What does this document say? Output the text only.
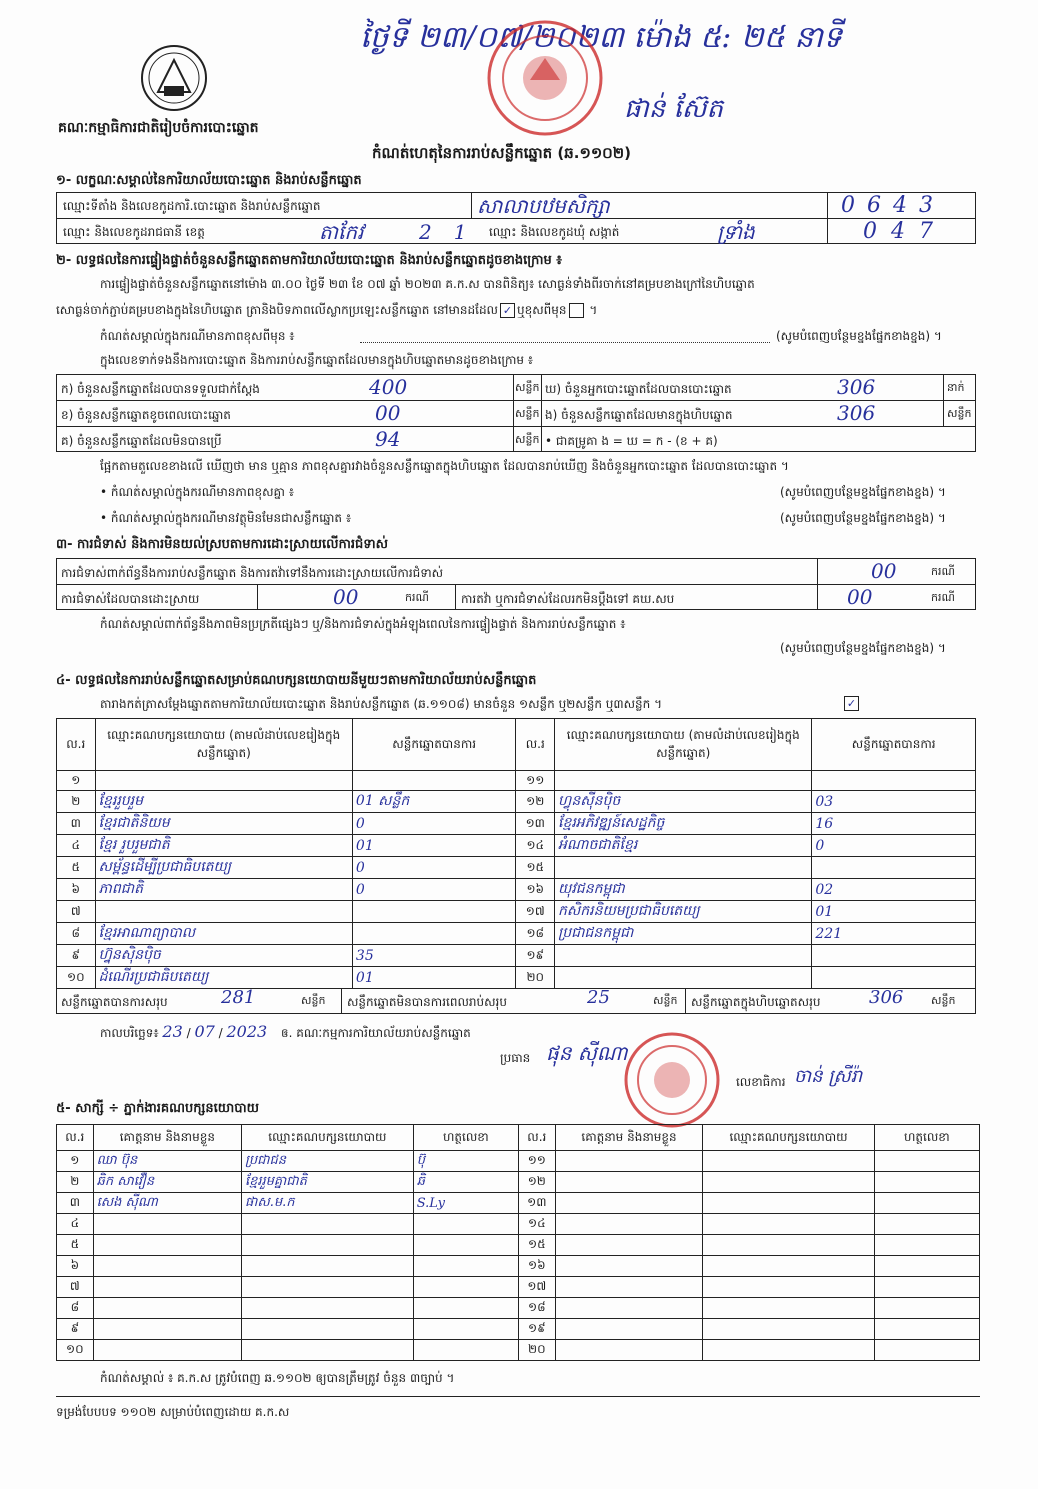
ថ្ងៃទី ២៣/០៧/២០២៣ ម៉ោង ៥: ២៥ នាទី
ផាន់ ស៊ែត
គណៈកម្មាធិការជាតិរៀបចំការបោះឆ្នោត
កំណត់ហេតុនៃការរាប់សន្លឹកឆ្នោត (ឆ.១១០២)
១- លក្ខណៈសម្គាល់នៃការិយាល័យបោះឆ្នោត និងរាប់សន្លឹកឆ្នោត
ឈ្មោះទីតាំង និងលេខកូដការិ.បោះឆ្នោត និងរាប់សន្លឹកឆ្នោត	សាលាបឋមសិក្សា	0643
ឈ្មោះ និងលេខកូដរាជធានី ខេត្ត	តាកែវ	21 ឈ្មោះ និងលេខកូដឃុំ សង្កាត់	ទ្រាំង	047
២- លទ្ធផលនៃការផ្ទៀងផ្ទាត់ចំនួនសន្លឹកឆ្នោតតាមការិយាល័យបោះឆ្នោត និងរាប់សន្លឹកឆ្នោតដូចខាងក្រោម ៖
ការផ្ទៀងផ្ទាត់ចំនួនសន្លឹកឆ្នោតនៅម៉ោង ៣.០០ ថ្ងៃទី ២៣ ខែ ០៧ ឆ្នាំ ២០២៣ គ.ក.ស បានពិនិត្យ៖ សោធ្ងន់ទាំងពីរចាក់នៅគម្របខាងក្រៅនៃហិបឆ្នោត
សោធ្ងន់ចាក់ភ្ជាប់គម្របខាងក្នុងនៃហិបឆ្នោត ត្រានិងបិទភាពលើស្លាកប្រឡេះសន្លឹកឆ្នោត នៅមានដដែល ✓ ឬខុសពីមុន ។
កំណត់សម្គាល់ក្នុងករណីមានភាពខុសពីមុន ៖	(សូមបំពេញបន្ថែមខ្នងផ្នែកខាងខ្នង) ។
ក្នុងលេខទាក់ទងនឹងការបោះឆ្នោត និងការរាប់សន្លឹកឆ្នោតដែលមានក្នុងហិបឆ្នោតមានដូចខាងក្រោម ៖
ក) ចំនួនសន្លឹកឆ្នោតដែលបានទទួលជាក់ស្ដែង	400	សន្លឹក ឃ) ចំនួនអ្នកបោះឆ្នោតដែលបានបោះឆ្នោត	306	នាក់
ខ) ចំនួនសន្លឹកឆ្នោតខូចពេលបោះឆ្នោត	00	សន្លឹក ង) ចំនួនសន្លឹកឆ្នោតដែលមានក្នុងហិបឆ្នោត	306	សន្លឹក
គ) ចំនួនសន្លឹកឆ្នោតដែលមិនបានប្រើ	94	សន្លឹក • ជាគម្រូគា ង = ឃ = ក - (ខ + គ)
ផ្អែកតាមតួលេខខាងលើ ឃើញថា មាន ឬគ្មាន ភាពខុសគ្នារវាងចំនួនសន្លឹកឆ្នោតក្នុងហិបឆ្នោត ដែលបានរាប់ឃើញ និងចំនួនអ្នកបោះឆ្នោត ដែលបានបោះឆ្នោត ។
• កំណត់សម្គាល់ក្នុងករណីមានភាពខុសគ្នា ៖	(សូមបំពេញបន្ថែមខ្នងផ្នែកខាងខ្នង) ។
• កំណត់សម្គាល់ក្នុងករណីមានវត្ថុមិនមែនជាសន្លឹកឆ្នោត ៖	(សូមបំពេញបន្ថែមខ្នងផ្នែកខាងខ្នង) ។
៣- ការជំទាស់ និងការមិនយល់ស្របតាមការដោះស្រាយលើការជំទាស់
ការជំទាស់ពាក់ព័ន្ធនឹងការរាប់សន្លឹកឆ្នោត និងការតវ៉ាទៅនឹងការដោះស្រាយលើការជំទាស់	00	ករណី
ការជំទាស់ដែលបានដោះស្រាយ	00	ករណី	ការតវ៉ា ឬការជំទាស់ដែលរកមិនប្ដឹងទៅ គឃ.សប	00	ករណី
កំណត់សម្គាល់ពាក់ព័ន្ធនឹងភាពមិនប្រក្រតីផ្សេងៗ ឬ/និងការជំទាស់ក្នុងអំឡុងពេលនៃការផ្ទៀងផ្ទាត់ និងការរាប់សន្លឹកឆ្នោត ៖
(សូមបំពេញបន្ថែមខ្នងផ្នែកខាងខ្នង) ។
៤- លទ្ធផលនៃការរាប់សន្លឹកឆ្នោតសម្រាប់គណបក្សនយោបាយនីមួយៗតាមការិយាល័យរាប់សន្លឹកឆ្នោត
តារាងកត់ត្រាសម្ដែងឆ្នោតតាមការិយាល័យបោះឆ្នោត និងរាប់សន្លឹកឆ្នោត (ឆ.១១០៨) មានចំនួន ១សន្លឹក ឬ២សន្លឹក ឬ៣សន្លឹក ។	✓
ល.រ	ឈ្មោះគណបក្សនយោបាយ (តាមលំដាប់លេខរៀងក្នុងសន្លឹកឆ្នោត)	សន្លឹកឆ្នោតបានការ	ល.រ	ឈ្មោះគណបក្សនយោបាយ (តាមលំដាប់លេខរៀងក្នុងសន្លឹកឆ្នោត)	សន្លឹកឆ្នោតបានការ
១			១១		
២	ខ្មែររួបរួម	01 សន្លឹក	១២	ហ្វុនស៊ីនប៉ិច	03
៣	ខ្មែរជាតិនិយម	0	១៣	ខ្មែរអភិវឌ្ឍន៍សេដ្ឋកិច្ច	16
៤	ខ្មែរ រួបរួមជាតិ	01	១៤	អំណាចជាតិខ្មែរ	0
៥	សម្ព័ន្ធដើម្បីប្រជាធិបតេយ្យ	0	១៥		
៦	ភាពជាតិ	0	១៦	យុវជនកម្ពុជា	02
៧			១៧	កសិករនិយមប្រជាធិបតេយ្យ	01
៨	ខ្មែរអាណាព្យាបាល		១៨	ប្រជាជនកម្ពុជា	221
៩	ហ្វ៊ុនស៊ិនប៉ិច	35	១៩		
១០	ដំណើរប្រជាធិបតេយ្យ	01	២០		
សន្លឹកឆ្នោតបានការសរុប	281	សន្លឹក សន្លឹកឆ្នោតមិនបានការពេលរាប់សរុប	25	សន្លឹក សន្លឹកឆ្នោតក្នុងហិបឆ្នោតសរុប	306	សន្លឹក
កាលបរិច្ឆេទ៖ 23 / 07 / 2023 ឲ. គណៈកម្មការការិយាល័យរាប់សន្លឹកឆ្នោត
ប្រធាន ផុន ស៊ីណា
លេខាធិការ ចាន់ ស្រីរ៉ា
៥- សាក្សី ÷ ភ្នាក់ងារគណបក្សនយោបាយ
ល.រ	គោត្តនាម និងនាមខ្លួន	ឈ្មោះគណបក្សនយោបាយ	ហត្ថលេខា	ល.រ	គោត្តនាម និងនាមខ្លួន	ឈ្មោះគណបក្សនយោបាយ	ហត្ថលេខា
១	ឈា ប៊ុន	ប្រជាជន	ប៊ុ	១១			
២	ឆិក សាវឿន	ខ្មែររួមគ្នាជាតិ	ឆិ	១២			
៣	សេង ស៊ីណា	ផាស.ម.ក	S.Ly	១៣			
៤				១៤			
៥				១៥			
៦				១៦			
៧				១៧			
៨				១៨			
៩				១៩			
១០				២០			
កំណត់សម្គាល់ ៖ គ.ក.ស ត្រូវបំពេញ ឆ.១១០២ ឲ្យបានត្រឹមត្រូវ ចំនួន ៣ច្បាប់ ។
ទម្រង់បែបបទ ១១០២ សម្រាប់បំពេញដោយ គ.ក.ស
